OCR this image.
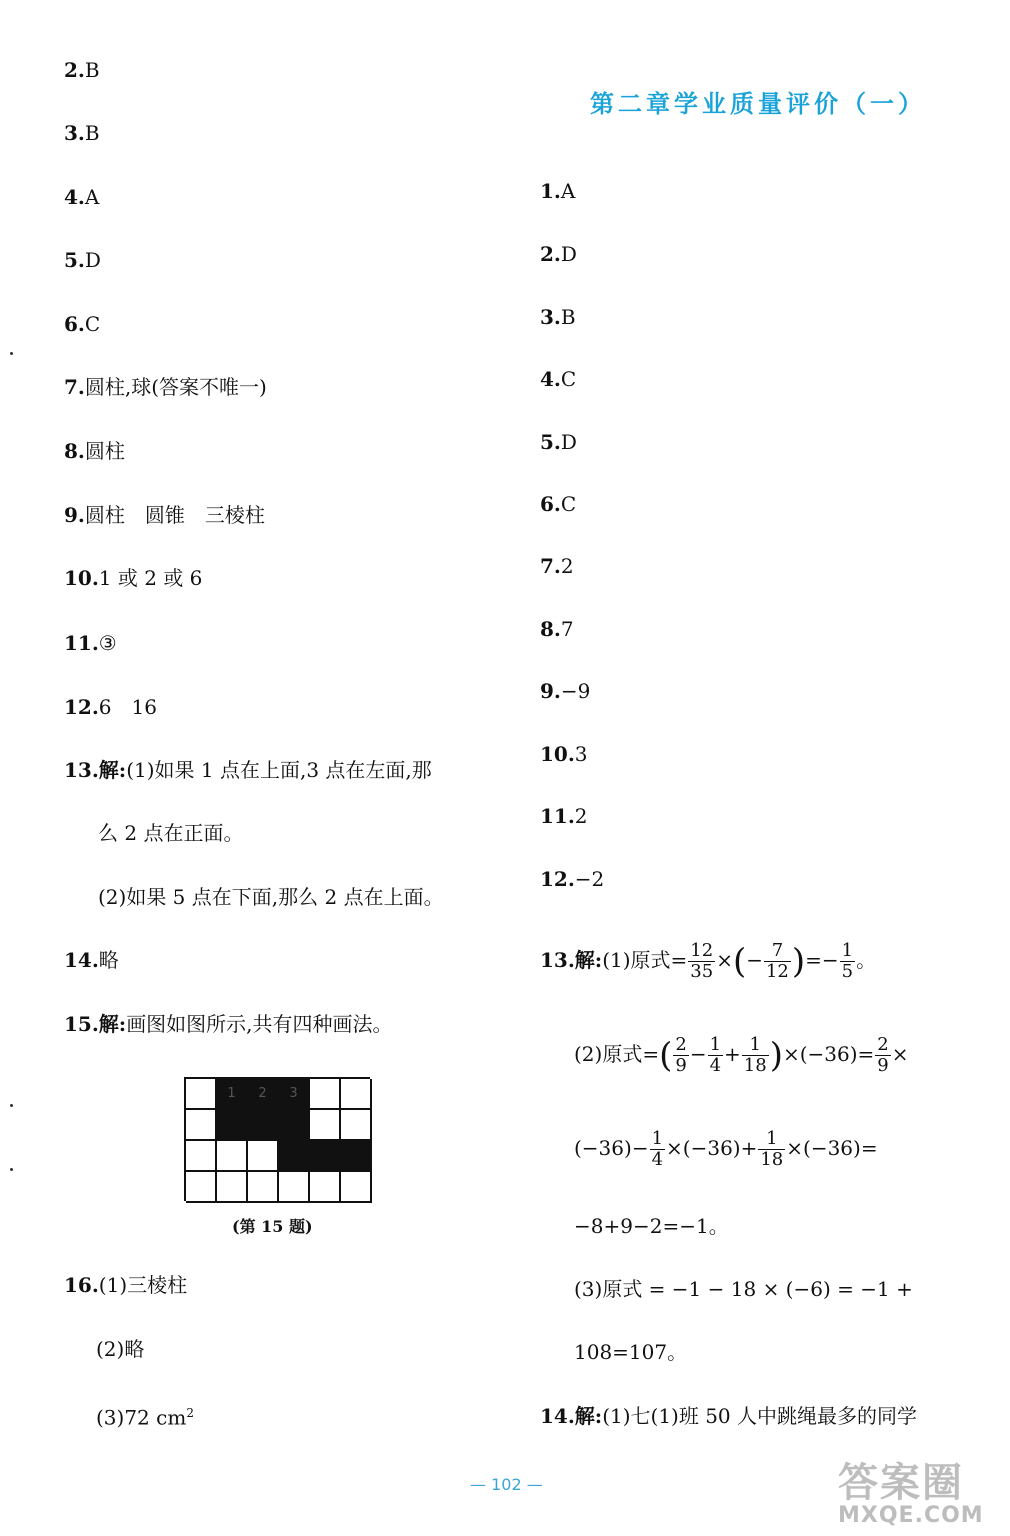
2.B
3.B
4.A
5.D
6.C
7.圆柱,球(答案不唯一)
8.圆柱
9.圆柱　圆锥　三棱柱
10.1 或 2 或 6
11.③
12.6　16
13.解:(1)如果 1 点在上面,3 点在左面,那
么 2 点在正面。
(2)如果 5 点在下面,那么 2 点在上面。
14.略
15.解:画图如图所示,共有四种画法。
1 2 3
(第 15 题)
16.(1)三棱柱
(2)略
(3)72 $cm^2$
第二章学业质量评价（一）
1.A
2.D
3.B
4.C
5.D
6.C
7.2
8.7
9.−9
10.3
11.2
12.−2
13.解:(1)原式= $\frac{12}{35}$ ×(− $\frac{7}{12}$ )=− $\frac{1}{5}$ 。
(2)原式=( $\frac{2}{9} - \frac{1}{4} + \frac{1}{18} )\times(-36)= \frac{2}{9}$ ×
$(-36)- \frac{1}{4} \times(-36)+ \frac{1}{18} \times(-36)=$
−8+9−2=−1。
(3)原式 = −1 − 18 × (−6) = −1 +
108=107。
14.解:(1)七(1)班 50 人中跳绳最多的同学
— 102 —	答案圈
MXQE.COM
